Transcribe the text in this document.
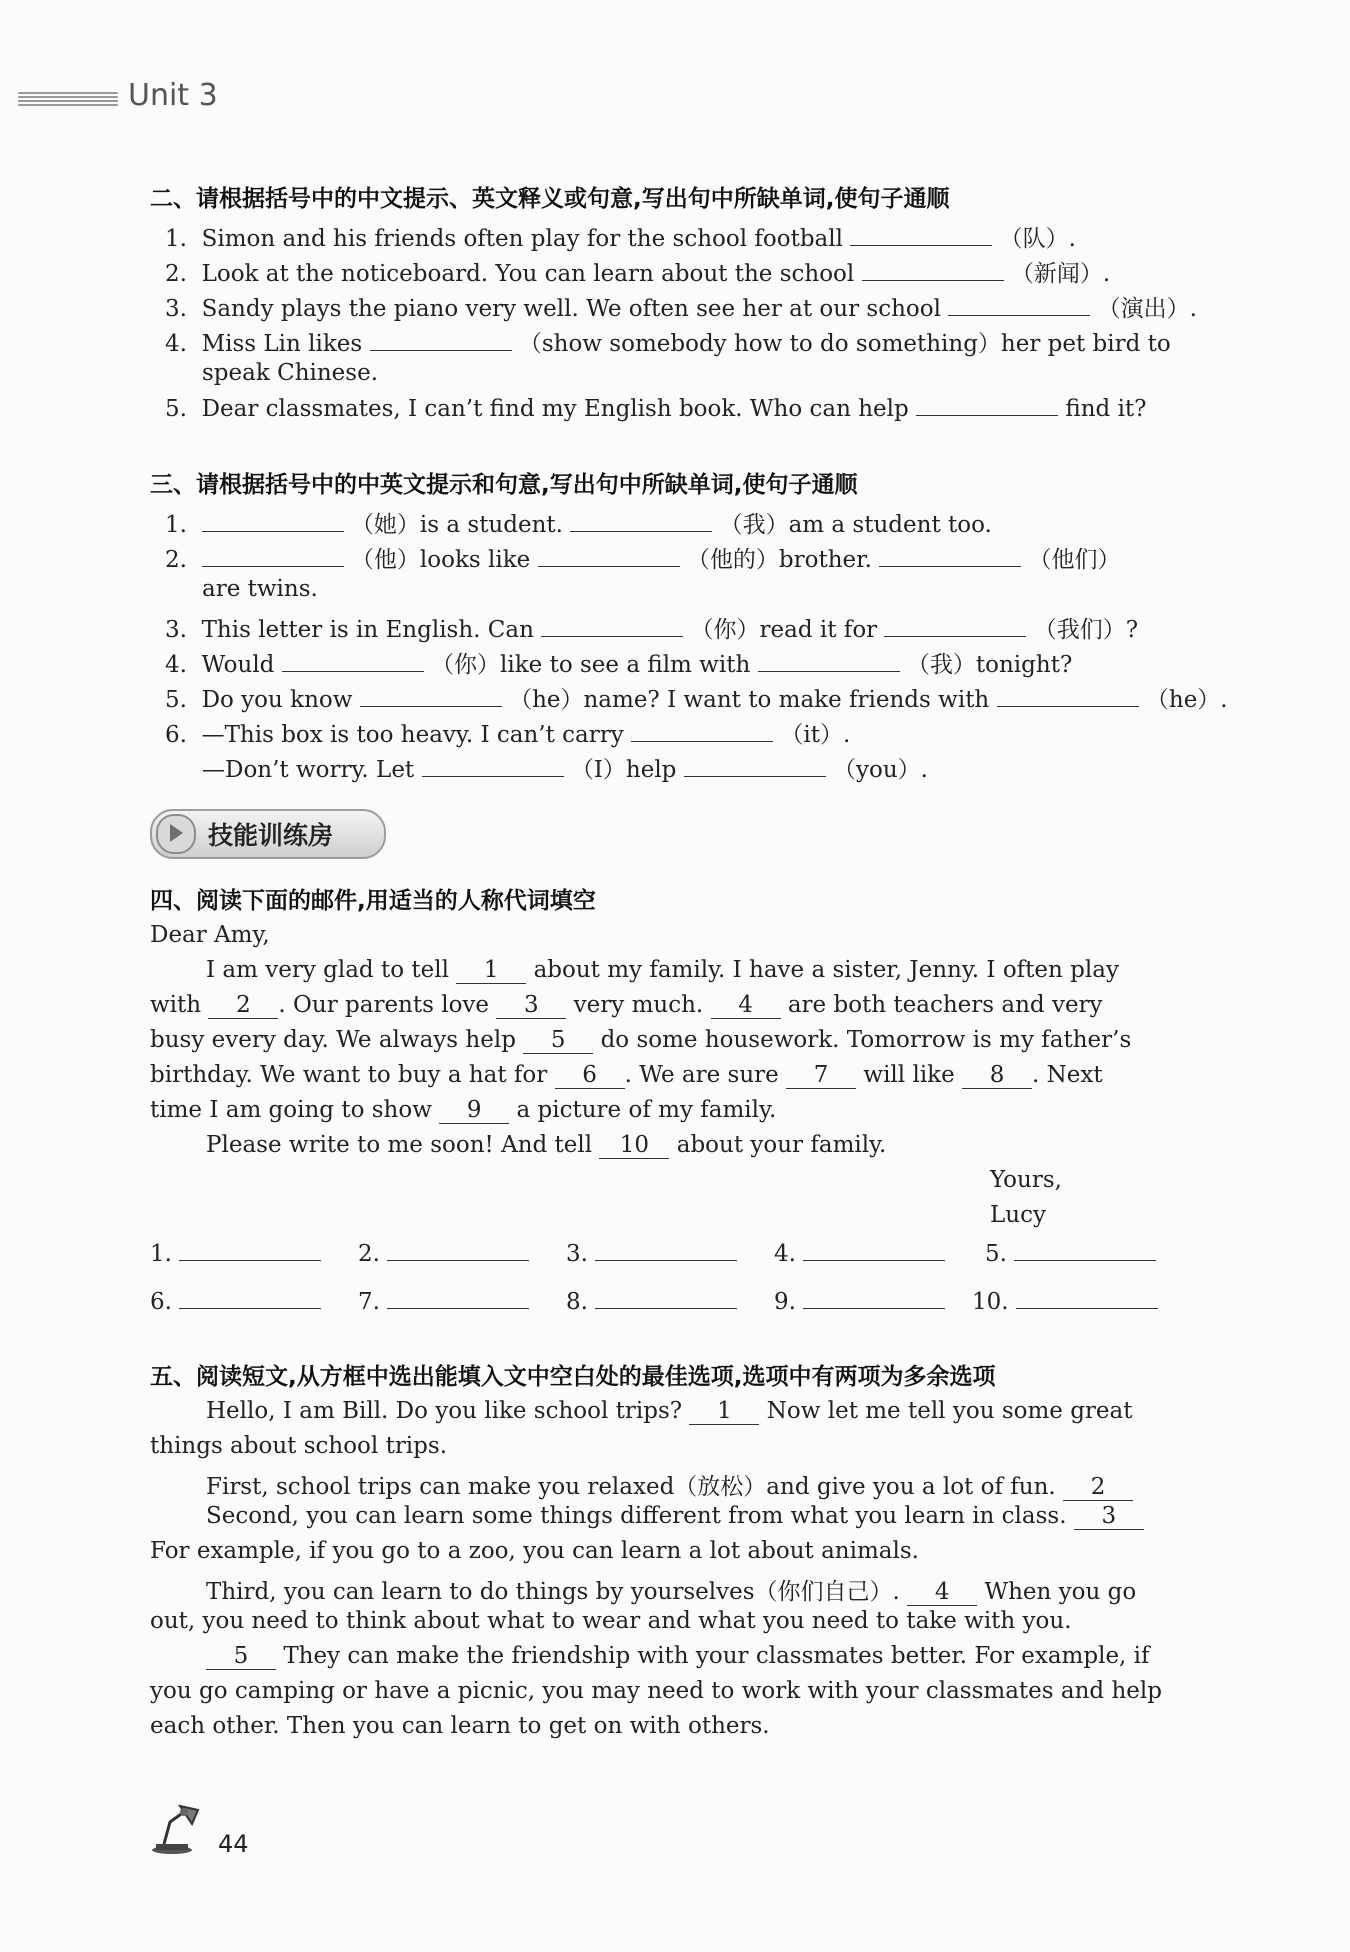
Unit 3
二、请根据括号中的中文提示、英文释义或句意,写出句中所缺单词,使句子通顺
1. Simon and his friends often play for the school football	（队）.
2. Look at the noticeboard. You can learn about the school	（新闻）.
3. Sandy plays the piano very well. We often see her at our school	（演出）.
4. Miss Lin likes	（show somebody how to do something）her pet bird to
speak Chinese.
5. Dear classmates, I can’t find my English book. Who can help	find it?
三、请根据括号中的中英文提示和句意,写出句中所缺单词,使句子通顺
1.	（她）is a student.	（我）am a student too.
2.	（他）looks like	（他的）brother.	（他们）
are twins.
3. This letter is in English. Can	（你）read it for	（我们）?
4. Would	（你）like to see a film with	（我）tonight?
5. Do you know	（he）name? I want to make friends with	（he）.
6. —This box is too heavy. I can’t carry	（it）.
—Don’t worry. Let	（I）help	（you）.
技能训练房
四、阅读下面的邮件,用适当的人称代词填空
Dear Amy,
I am very glad to tell 1 about my family. I have a sister, Jenny. I often play
with 2 . Our parents love 3 very much. 4 are both teachers and very
busy every day. We always help 5 do some housework. Tomorrow is my father’s
birthday. We want to buy a hat for 6 . We are sure 7 will like 8 . Next
time I am going to show 9 a picture of my family.
Please write to me soon! And tell 10 about your family.
Yours,
Lucy
1.	2.	3.	4.	5.
6.	7.	8.	9.	10.
五、阅读短文,从方框中选出能填入文中空白处的最佳选项,选项中有两项为多余选项
Hello, I am Bill. Do you like school trips? 1 Now let me tell you some great
things about school trips.
First, school trips can make you relaxed（放松）and give you a lot of fun. 2
Second, you can learn some things different from what you learn in class. 3
For example, if you go to a zoo, you can learn a lot about animals.
Third, you can learn to do things by yourselves（你们自己）. 4 When you go
out, you need to think about what to wear and what you need to take with you.
5 They can make the friendship with your classmates better. For example, if
you go camping or have a picnic, you may need to work with your classmates and help
each other. Then you can learn to get on with others.
44
